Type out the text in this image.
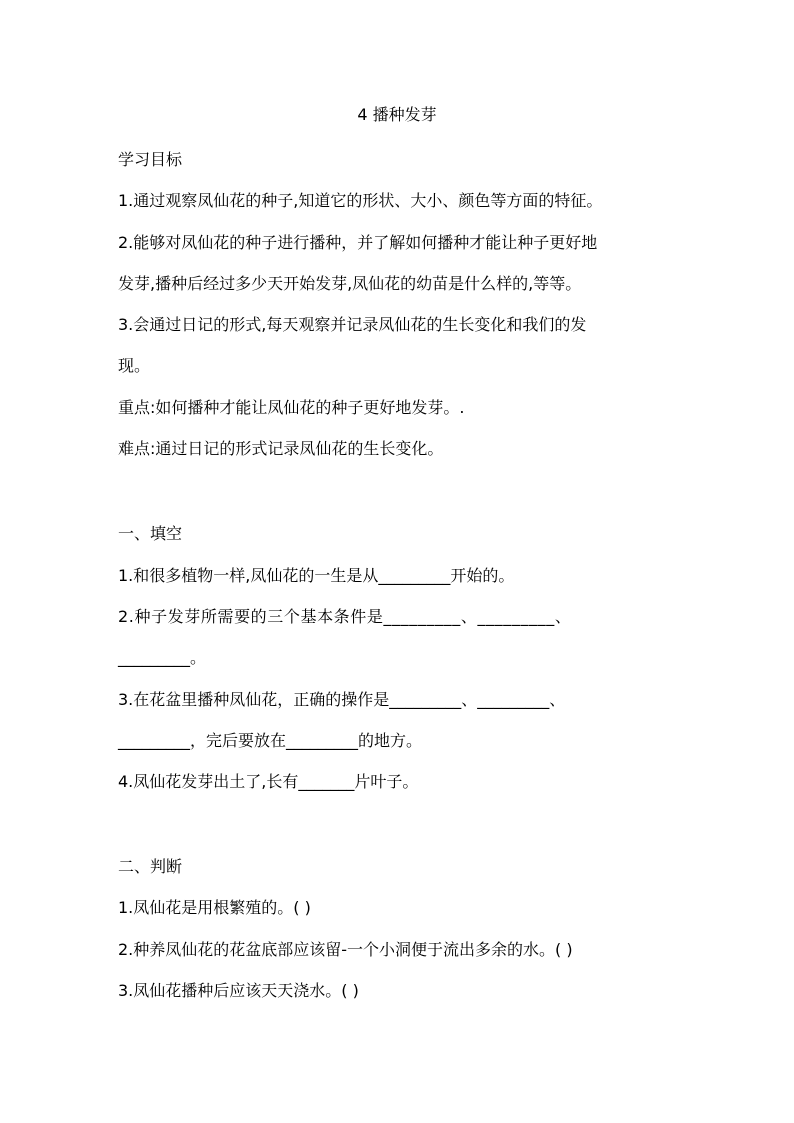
4 播种发芽
学习目标
1.通过观察凤仙花的种子,知道它的形状、大小、颜色等方面的特征。
2.能够对凤仙花的种子进行播种，并了解如何播种才能让种子更好地
发芽,播种后经过多少天开始发芽,凤仙花的幼苗是什么样的,等等。
3.会通过日记的形式,每天观察并记录凤仙花的生长变化和我们的发
现。
重点:如何播种才能让凤仙花的种子更好地发芽。.
难点:通过日记的形式记录凤仙花的生长变化。
一、填空
1.和很多植物一样,凤仙花的一生是从_________开始的。
2.种子发芽所需要的三个基本条件是_________、_________、
_________。
3.在花盆里播种凤仙花，正确的操作是_________、_________、
_________，完后要放在_________的地方。
4.凤仙花发芽出土了,长有_______片叶子。
二、判断
1.凤仙花是用根繁殖的。( )
2.种养凤仙花的花盆底部应该留-一个小洞便于流出多余的水。( )
3.凤仙花播种后应该天天浇水。( )
